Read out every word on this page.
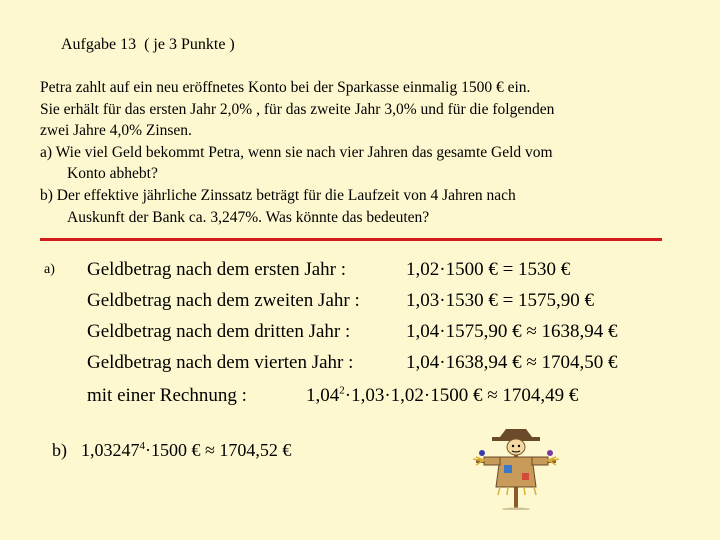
Aufgabe 13 ( je 3 Punkte )
Petra zahlt auf ein neu eröffnetes Konto bei der Sparkasse einmalig 1500 € ein.
Sie erhält für das ersten Jahr 2,0% , für das zweite Jahr 3,0% und für die folgenden
zwei Jahre 4,0% Zinsen.
a) Wie viel Geld bekommt Petra, wenn sie nach vier Jahren das gesamte Geld vom
Konto abhebt?
b) Der effektive jährliche Zinssatz beträgt für die Laufzeit von 4 Jahren nach
Auskunft der Bank ca. 3,247%. Was könnte das bedeuten?
a) Geldbetrag nach dem ersten Jahr :	1,02·1500 € = 1530 €
Geldbetrag nach dem zweiten Jahr : 1,03·1530 € = 1575,90 €
Geldbetrag nach dem dritten Jahr :	1,04·1575,90 € ≈ 1638,94 €
Geldbetrag nach dem vierten Jahr :	1,04·1638,94 € ≈ 1704,50 €
mit einer Rechnung :	$1,04^2\cdot 1,03\cdot 1,02\cdot 1500$ € ≈ 1704,49 €
b) $1,03247^4\cdot 1500$ € ≈ 1704,52 €
